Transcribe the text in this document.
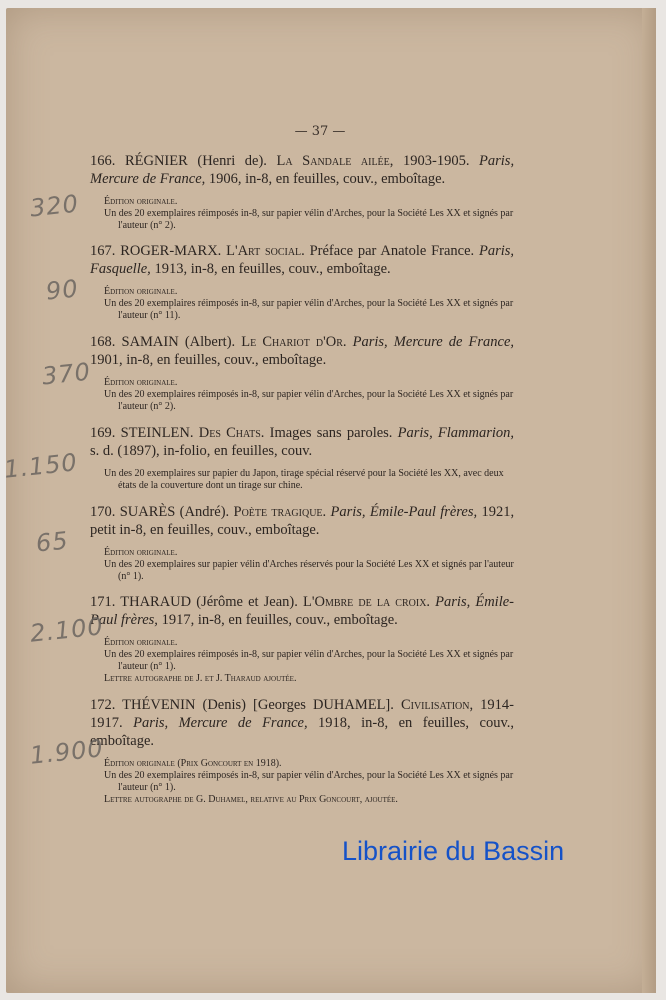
— 37 —

166. RÉGNIER (Henri de). La Sandale ailée, 1903-1905. Paris, Mercure de France, 1906, in-8, en feuilles, couv., emboîtage.

Édition originale.

Un des 20 exemplaires réimposés in-8, sur papier vélin d'Arches, pour la Société Les XX et signés par l'auteur (n° 2).

167. ROGER-MARX. L'Art social. Préface par Anatole France. Paris, Fasquelle, 1913, in-8, en feuilles, couv., emboîtage.

Édition originale.

Un des 20 exemplaires réimposés in-8, sur papier vélin d'Arches, pour la Société Les XX et signés par l'auteur (n° 11).

168. SAMAIN (Albert). Le Chariot d'Or. Paris, Mercure de France, 1901, in-8, en feuilles, couv., emboîtage.

Édition originale.

Un des 20 exemplaires réimposés in-8, sur papier vélin d'Arches, pour la Société Les XX et signés par l'auteur (n° 2).

169. STEINLEN. Des Chats. Images sans paroles. Paris, Flammarion, s. d. (1897), in-folio, en feuilles, couv.

Un des 20 exemplaires sur papier du Japon, tirage spécial réservé pour la Société les XX, avec deux états de la couverture dont un tirage sur chine.

170. SUARÈS (André). Poète tragique. Paris, Émile-Paul frères, 1921, petit in-8, en feuilles, couv., emboîtage.

Édition originale.

Un des 20 exemplaires sur papier vélin d'Arches réservés pour la Société Les XX et signés par l'auteur (n° 1).

171. THARAUD (Jérôme et Jean). L'Ombre de la croix. Paris, Émile-Paul frères, 1917, in-8, en feuilles, couv., emboîtage.

Édition originale.

Un des 20 exemplaires réimposés in-8, sur papier vélin d'Arches, pour la Société Les XX et signés par l'auteur (n° 1).

Lettre autographe de J. et J. Tharaud ajoutée.

172. THÉVENIN (Denis) [Georges DUHAMEL]. Civilisation, 1914-1917. Paris, Mercure de France, 1918, in-8, en feuilles, couv., emboîtage.

Édition originale (Prix Goncourt en 1918).

Un des 20 exemplaires réimposés in-8, sur papier vélin d'Arches, pour la Société Les XX et signés par l'auteur (n° 1).

Lettre autographe de G. Duhamel, relative au Prix Goncourt, ajoutée.

320
90
370
1.150
65
2.100
1.900
Librairie du Bassin
